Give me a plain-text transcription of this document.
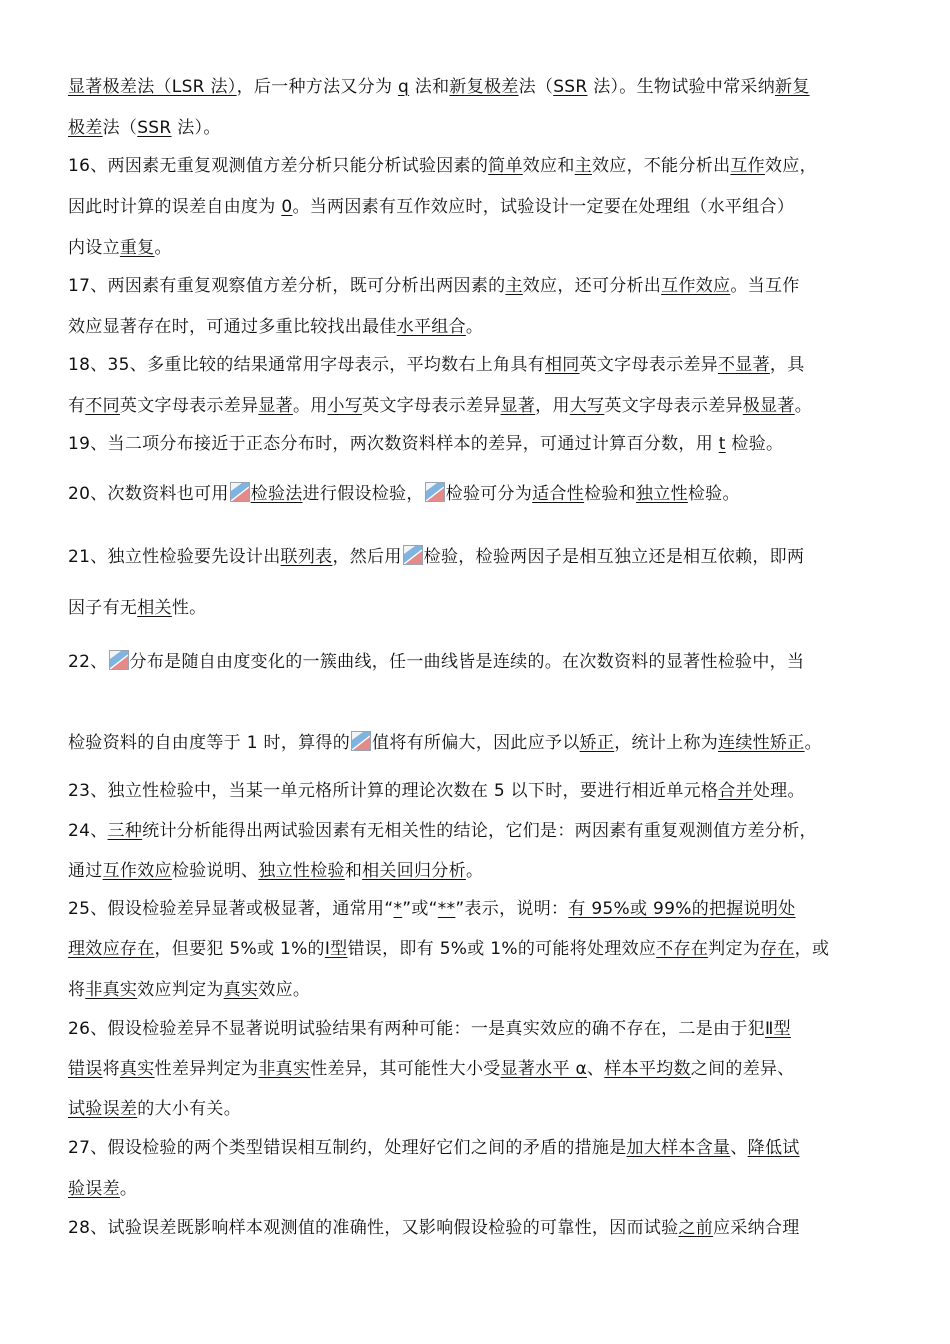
显著极差法（LSR 法），后一种方法又分为 q 法和新复极差法（SSR 法）。生物试验中常采纳新复
极差法（SSR 法）。
16、两因素无重复观测值方差分析只能分析试验因素的简单效应和主效应，不能分析出互作效应，
因此时计算的误差自由度为 0。当两因素有互作效应时，试验设计一定要在处理组（水平组合）
内设立重复。
17、两因素有重复观察值方差分析，既可分析出两因素的主效应，还可分析出互作效应。当互作
效应显著存在时，可通过多重比较找出最佳水平组合。
18、35、多重比较的结果通常用字母表示，平均数右上角具有相同英文字母表示差异不显著，具
有不同英文字母表示差异显著。用小写英文字母表示差异显著，用大写英文字母表示差异极显著。
19、当二项分布接近于正态分布时，两次数资料样本的差异，可通过计算百分数，用 t 检验。
20、次数资料也可用 检验法进行假设检验， 检验可分为适合性检验和独立性检验。
21、独立性检验要先设计出联列表，然后用 检验，检验两因子是相互独立还是相互依赖，即两
因子有无相关性。
22、 分布是随自由度变化的一簇曲线，任一曲线皆是连续的。在次数资料的显著性检验中，当
检验资料的自由度等于 1 时，算得的 值将有所偏大，因此应予以矫正，统计上称为连续性矫正。
23、独立性检验中，当某一单元格所计算的理论次数在 5 以下时，要进行相近单元格合并处理。
24、三种统计分析能得出两试验因素有无相关性的结论，它们是：两因素有重复观测值方差分析，
通过互作效应检验说明、独立性检验和相关回归分析。
25、假设检验差异显著或极显著，通常用“*”或“**”表示，说明：有 95%或 99%的把握说明处
理效应存在，但要犯 5%或 1%的Ⅰ型错误，即有 5%或 1%的可能将处理效应不存在判定为存在，或
将非真实效应判定为真实效应。
26、假设检验差异不显著说明试验结果有两种可能：一是真实效应的确不存在，二是由于犯Ⅱ型
错误将真实性差异判定为非真实性差异，其可能性大小受显著水平 α、样本平均数之间的差异、
试验误差的大小有关。
27、假设检验的两个类型错误相互制约，处理好它们之间的矛盾的措施是加大样本含量、降低试
验误差。
28、试验误差既影响样本观测值的准确性，又影响假设检验的可靠性，因而试验之前应采纳合理
